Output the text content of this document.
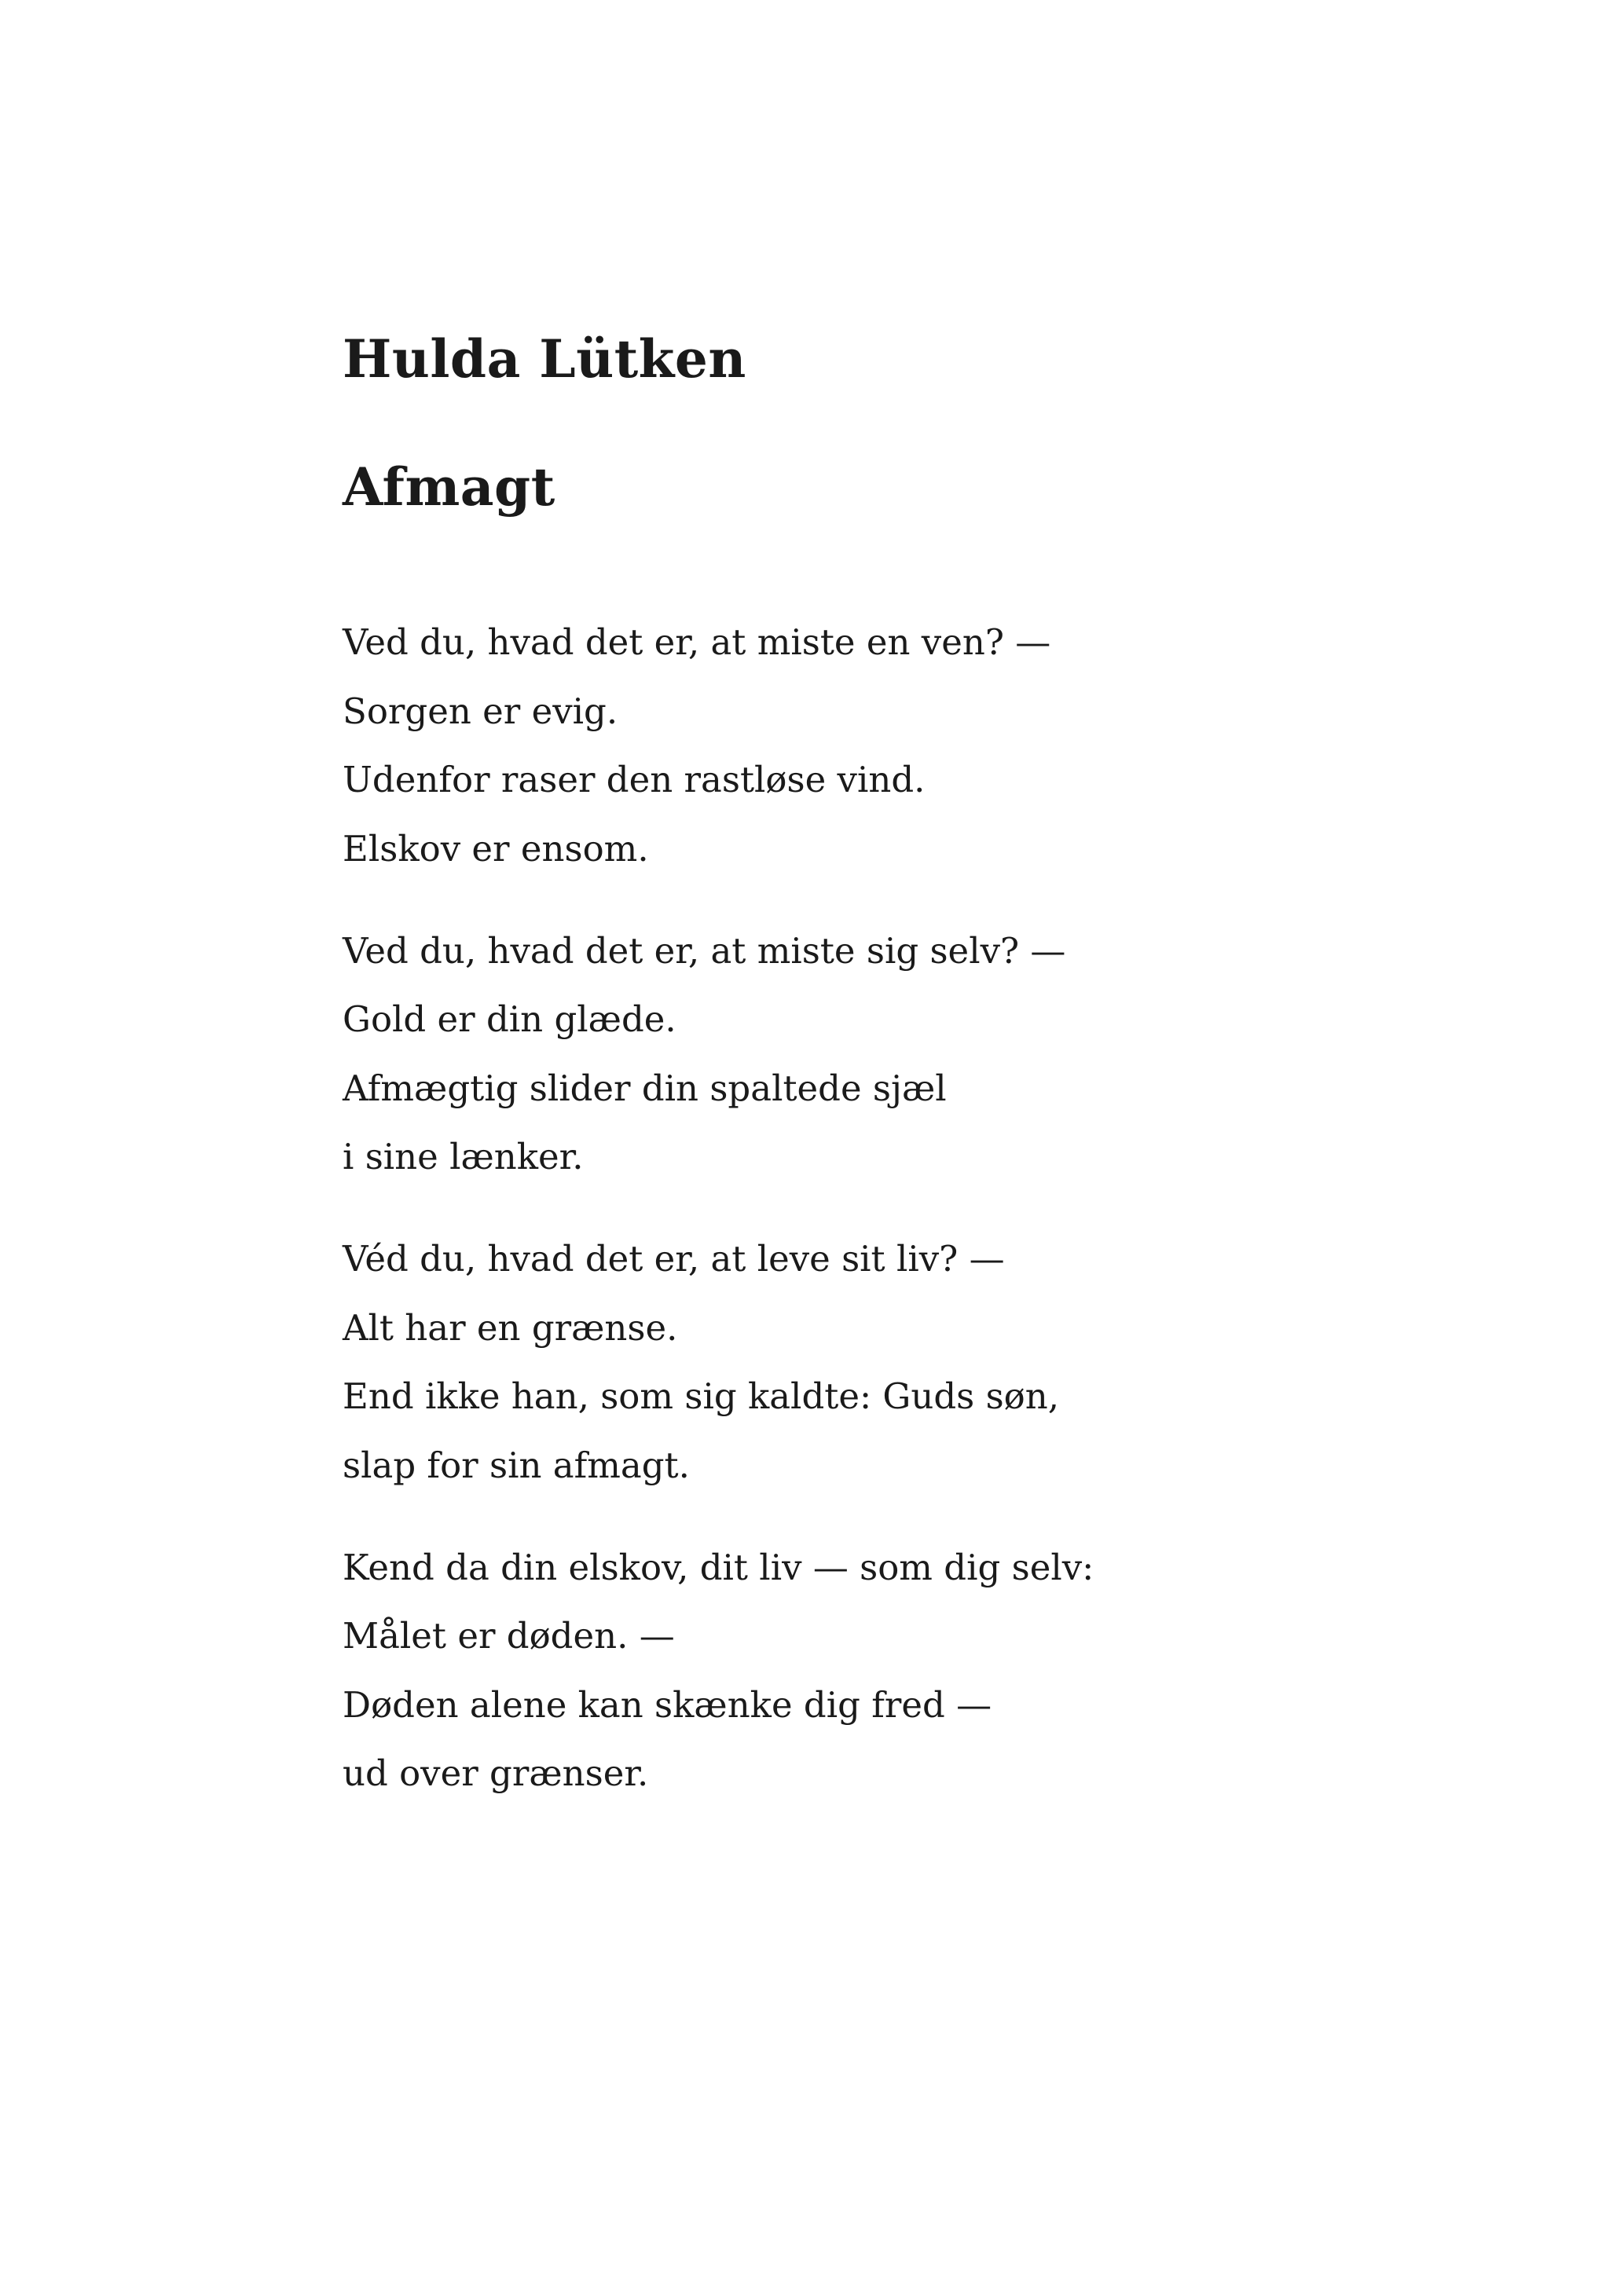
Hulda Lütken
Afmagt

Ved du, hvad det er, at miste en ven? —

Sorgen er evig.

Udenfor raser den rastløse vind.

Elskov er ensom.

Ved du, hvad det er, at miste sig selv? —

Gold er din glæde.

Afmægtig slider din spaltede sjæl

i sine lænker.

Véd du, hvad det er, at leve sit liv? —

Alt har en grænse.

End ikke han, som sig kaldte: Guds søn,

slap for sin afmagt.

Kend da din elskov, dit liv — som dig selv:

Målet er døden. —

Døden alene kan skænke dig fred —

ud over grænser.
